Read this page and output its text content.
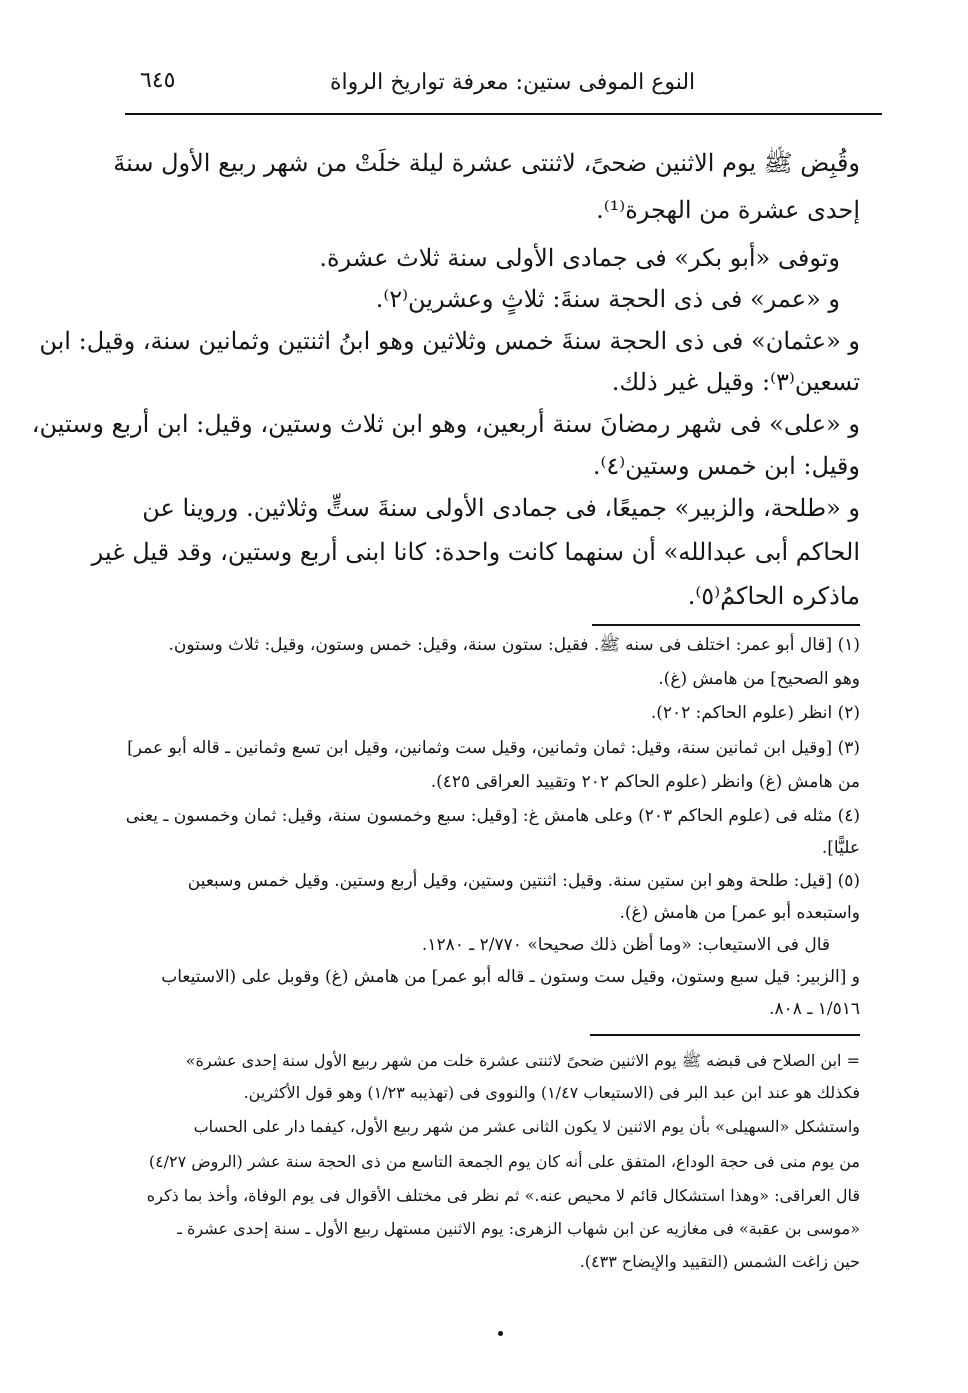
٦٤٥	النوع الموفى ستين: معرفة تواريخ الرواة
وقُبِض ﷺ يوم الاثنين ضحىً، لاثنتى عشرة ليلة خلَتْ من شهر ربيع الأول سنةَ
إحدى عشرة من الهجرة⁽¹⁾.
وتوفى «أبو بكر» فى جمادى الأولى سنة ثلاث عشرة.
و «عمر» فى ذى الحجة سنةَ: ثلاثٍ وعشرين⁽٢⁾.
و «عثمان» فى ذى الحجة سنةَ خمس وثلاثين وهو ابنُ اثنتين وثمانين سنة، وقيل: ابن
تسعين⁽٣⁾: وقيل غير ذلك.
و «على» فى شهر رمضانَ سنة أربعين، وهو ابن ثلاث وستين، وقيل: ابن أربع وستين،
وقيل: ابن خمس وستين⁽٤⁾.
و «طلحة، والزبير» جميعًا، فى جمادى الأولى سنةَ ستٍّ وثلاثين. وروينا عن
الحاكم أبى عبدالله» أن سنهما كانت واحدة: كانا ابنى أربع وستين، وقد قيل غير
ماذكره الحاكمُ⁽٥⁾.
(١) [قال أبو عمر: اختلف فى سنه ﷺ. فقيل: ستون سنة، وقيل: خمس وستون، وقيل: ثلاث وستون.
وهو الصحيح] من هامش (غ).
(٢) انظر (علوم الحاكم: ٢٠٢).
(٣) [وقيل ابن ثمانين سنة، وقيل: ثمان وثمانين، وقيل ست وثمانين، وقيل ابن تسع وثمانين ـ قاله أبو عمر]
من هامش (غ) وانظر (علوم الحاكم ٢٠٢ وتقييد العراقى ٤٢٥).
(٤) مثله فى (علوم الحاكم ٢٠٣) وعلى هامش غ: [وقيل: سبع وخمسون سنة، وقيل: ثمان وخمسون ـ يعنى
عليًّا].
(٥) [قيل: طلحة وهو ابن ستين سنة. وقيل: اثنتين وستين، وقيل أربع وستين. وقيل خمس وسبعين
واستبعده أبو عمر] من هامش (غ).
قال فى الاستيعاب: «وما أظن ذلك صحيحا» ٢/٧٧٠ ـ ١٢٨٠.
و [الزبير: قيل سبع وستون، وقيل ست وستون ـ قاله أبو عمر] من هامش (غ) وقوبل على (الاستيعاب
١/٥١٦ ـ ٨٠٨.
= ابن الصلاح فى قبضه ﷺ يوم الاثنين ضحىً لاثنتى عشرة خلت من شهر ربيع الأول سنة إحدى عشرة»
فكذلك هو عند ابن عبد البر فى (الاستيعاب ١/٤٧) والنووى فى (تهذيبه ١/٢٣) وهو قول الأكثرين.
واستشكل «السهيلى» بأن يوم الاثنين لا يكون الثانى عشر من شهر ربيع الأول، كيفما دار على الحساب
من يوم منى فى حجة الوداع، المتفق على أنه كان يوم الجمعة التاسع من ذى الحجة سنة عشر (الروض ٤/٢٧)
قال العراقى: «وهذا استشكال قائم لا محيص عنه.» ثم نظر فى مختلف الأقوال فى يوم الوفاة، وأخذ بما ذكره
«موسى بن عقبة» فى مغازيه عن ابن شهاب الزهرى: يوم الاثنين مستهل ربيع الأول ـ سنة إحدى عشرة ـ
حين زاغت الشمس (التقييد والإيضاح ٤٣٣).
